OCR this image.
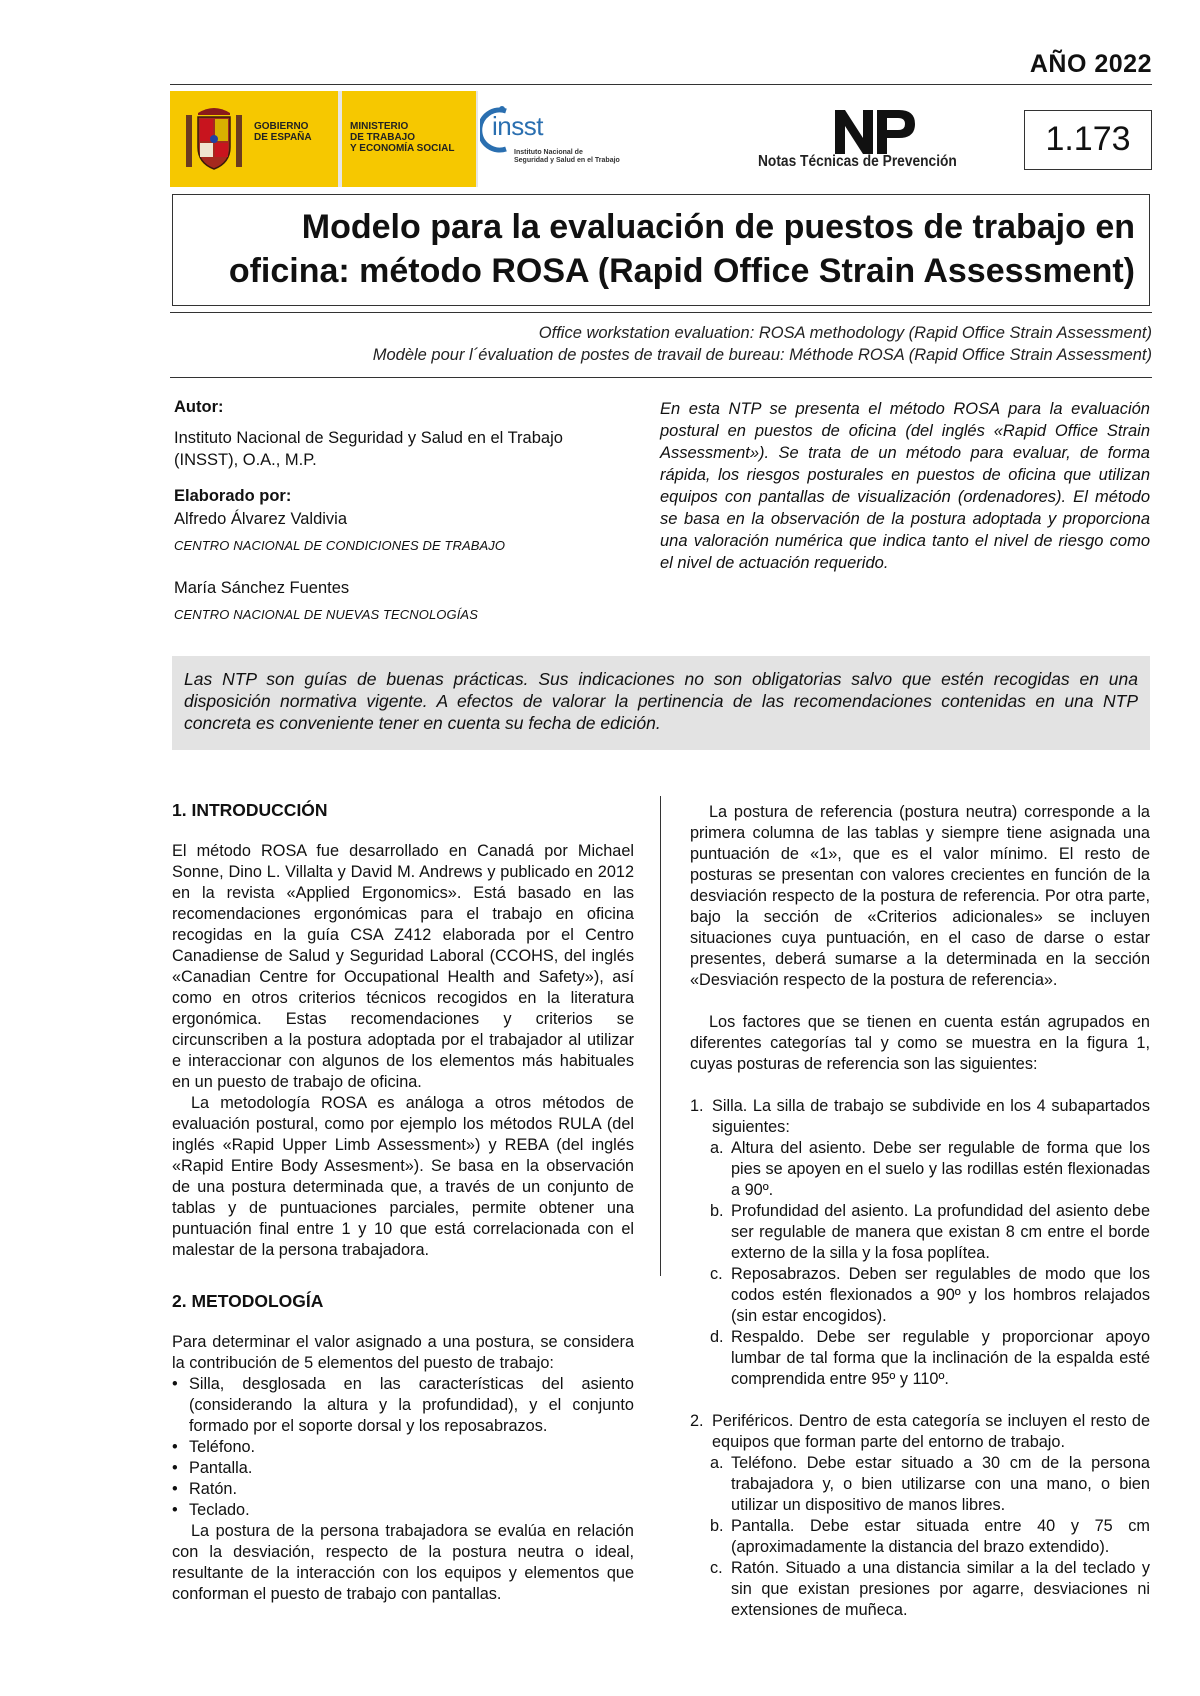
AÑO 2022
GOBIERNO
DE ESPAÑA
MINISTERIO
DE TRABAJO
Y ECONOMÍA SOCIAL
insst
Instituto Nacional de
Seguridad y Salud en el Trabajo	Notas Técnicas de Prevención
1.173
Modelo para la evaluación de puestos de trabajo en
oficina: método ROSA (Rapid Office Strain Assessment)
Office workstation evaluation: ROSA methodology (Rapid Office Strain Assessment)
Modèle pour l´évaluation de postes de travail de bureau: Méthode ROSA (Rapid Office Strain Assessment)
Autor:
Instituto Nacional de Seguridad y Salud en el Trabajo
(INSST), O.A., M.P.
Elaborado por:
Alfredo Álvarez Valdivia
CENTRO NACIONAL DE CONDICIONES DE TRABAJO
María Sánchez Fuentes
CENTRO NACIONAL DE NUEVAS TECNOLOGÍAS
En esta NTP se presenta el método ROSA para la evaluación postural en puestos de oficina (del inglés «Rapid Office Strain Assessment»). Se trata de un método para evaluar, de forma rápida, los riesgos posturales en puestos de oficina que utilizan equipos con pantallas de visualización (ordenadores). El método se basa en la observación de la postura adoptada y proporciona una valoración numérica que indica tanto el nivel de riesgo como el nivel de actuación requerido.
Las NTP son guías de buenas prácticas. Sus indicaciones no son obligatorias salvo que estén recogidas en una disposición normativa vigente. A efectos de valorar la pertinencia de las recomendaciones contenidas en una NTP concreta es conveniente tener en cuenta su fecha de edición.

1. INTRODUCCIÓN

El método ROSA fue desarrollado en Canadá por Michael Sonne, Dino L. Villalta y David M. Andrews y publicado en 2012 en la revista «Applied Ergonomics». Está basado en las recomendaciones ergonómicas para el trabajo en oficina recogidas en la guía CSA Z412 elaborada por el Centro Canadiense de Salud y Seguridad Laboral (CCOHS, del inglés «Canadian Centre for Occupational Health and Safety»), así como en otros criterios técnicos recogidos en la literatura ergonómica. Estas recomendaciones y criterios se circunscriben a la postura adoptada por el trabajador al utilizar e interaccionar con algunos de los elementos más habituales en un puesto de trabajo de oficina.

La metodología ROSA es análoga a otros métodos de evaluación postural, como por ejemplo los métodos RULA (del inglés «Rapid Upper Limb Assessment») y REBA (del inglés «Rapid Entire Body Assesment»). Se basa en la observación de una postura determinada que, a través de un conjunto de tablas y de puntuaciones parciales, permite obtener una puntuación final entre 1 y 10 que está correlacionada con el malestar de la persona trabajadora.

2. METODOLOGÍA

Para determinar el valor asignado a una postura, se considera la contribución de 5 elementos del puesto de trabajo:

• Silla, desglosada en las características del asiento (considerando la altura y la profundidad), y el conjunto formado por el soporte dorsal y los reposabrazos.
• Teléfono.
• Pantalla.
• Ratón.
• Teclado.

La postura de la persona trabajadora se evalúa en relación con la desviación, respecto de la postura neutra o ideal, resultante de la interacción con los equipos y elementos que conforman el puesto de trabajo con pantallas.

La postura de referencia (postura neutra) corresponde a la primera columna de las tablas y siempre tiene asignada una puntuación de «1», que es el valor mínimo. El resto de posturas se presentan con valores crecientes en función de la desviación respecto de la postura de referencia. Por otra parte, bajo la sección de «Criterios adicionales» se incluyen situaciones cuya puntuación, en el caso de darse o estar presentes, deberá sumarse a la determinada en la sección «Desviación respecto de la postura de referencia».

Los factores que se tienen en cuenta están agrupados en diferentes categorías tal y como se muestra en la figura 1, cuyas posturas de referencia son las siguientes:

1. Silla. La silla de trabajo se subdivide en los 4 subapartados siguientes:
a. Altura del asiento. Debe ser regulable de forma que los pies se apoyen en el suelo y las rodillas estén flexionadas a 90º.
b. Profundidad del asiento. La profundidad del asiento debe ser regulable de manera que existan 8 cm entre el borde externo de la silla y la fosa poplítea.
c. Reposabrazos. Deben ser regulables de modo que los codos estén flexionados a 90º y los hombros relajados (sin estar encogidos).
d. Respaldo. Debe ser regulable y proporcionar apoyo lumbar de tal forma que la inclinación de la espalda esté comprendida entre 95º y 110º.
2. Periféricos. Dentro de esta categoría se incluyen el resto de equipos que forman parte del entorno de trabajo.
a. Teléfono. Debe estar situado a 30 cm de la persona trabajadora y, o bien utilizarse con una mano, o bien utilizar un dispositivo de manos libres.
b. Pantalla. Debe estar situada entre 40 y 75 cm (aproximadamente la distancia del brazo extendido).
c. Ratón. Situado a una distancia similar a la del teclado y sin que existan presiones por agarre, desviaciones ni extensiones de muñeca.
